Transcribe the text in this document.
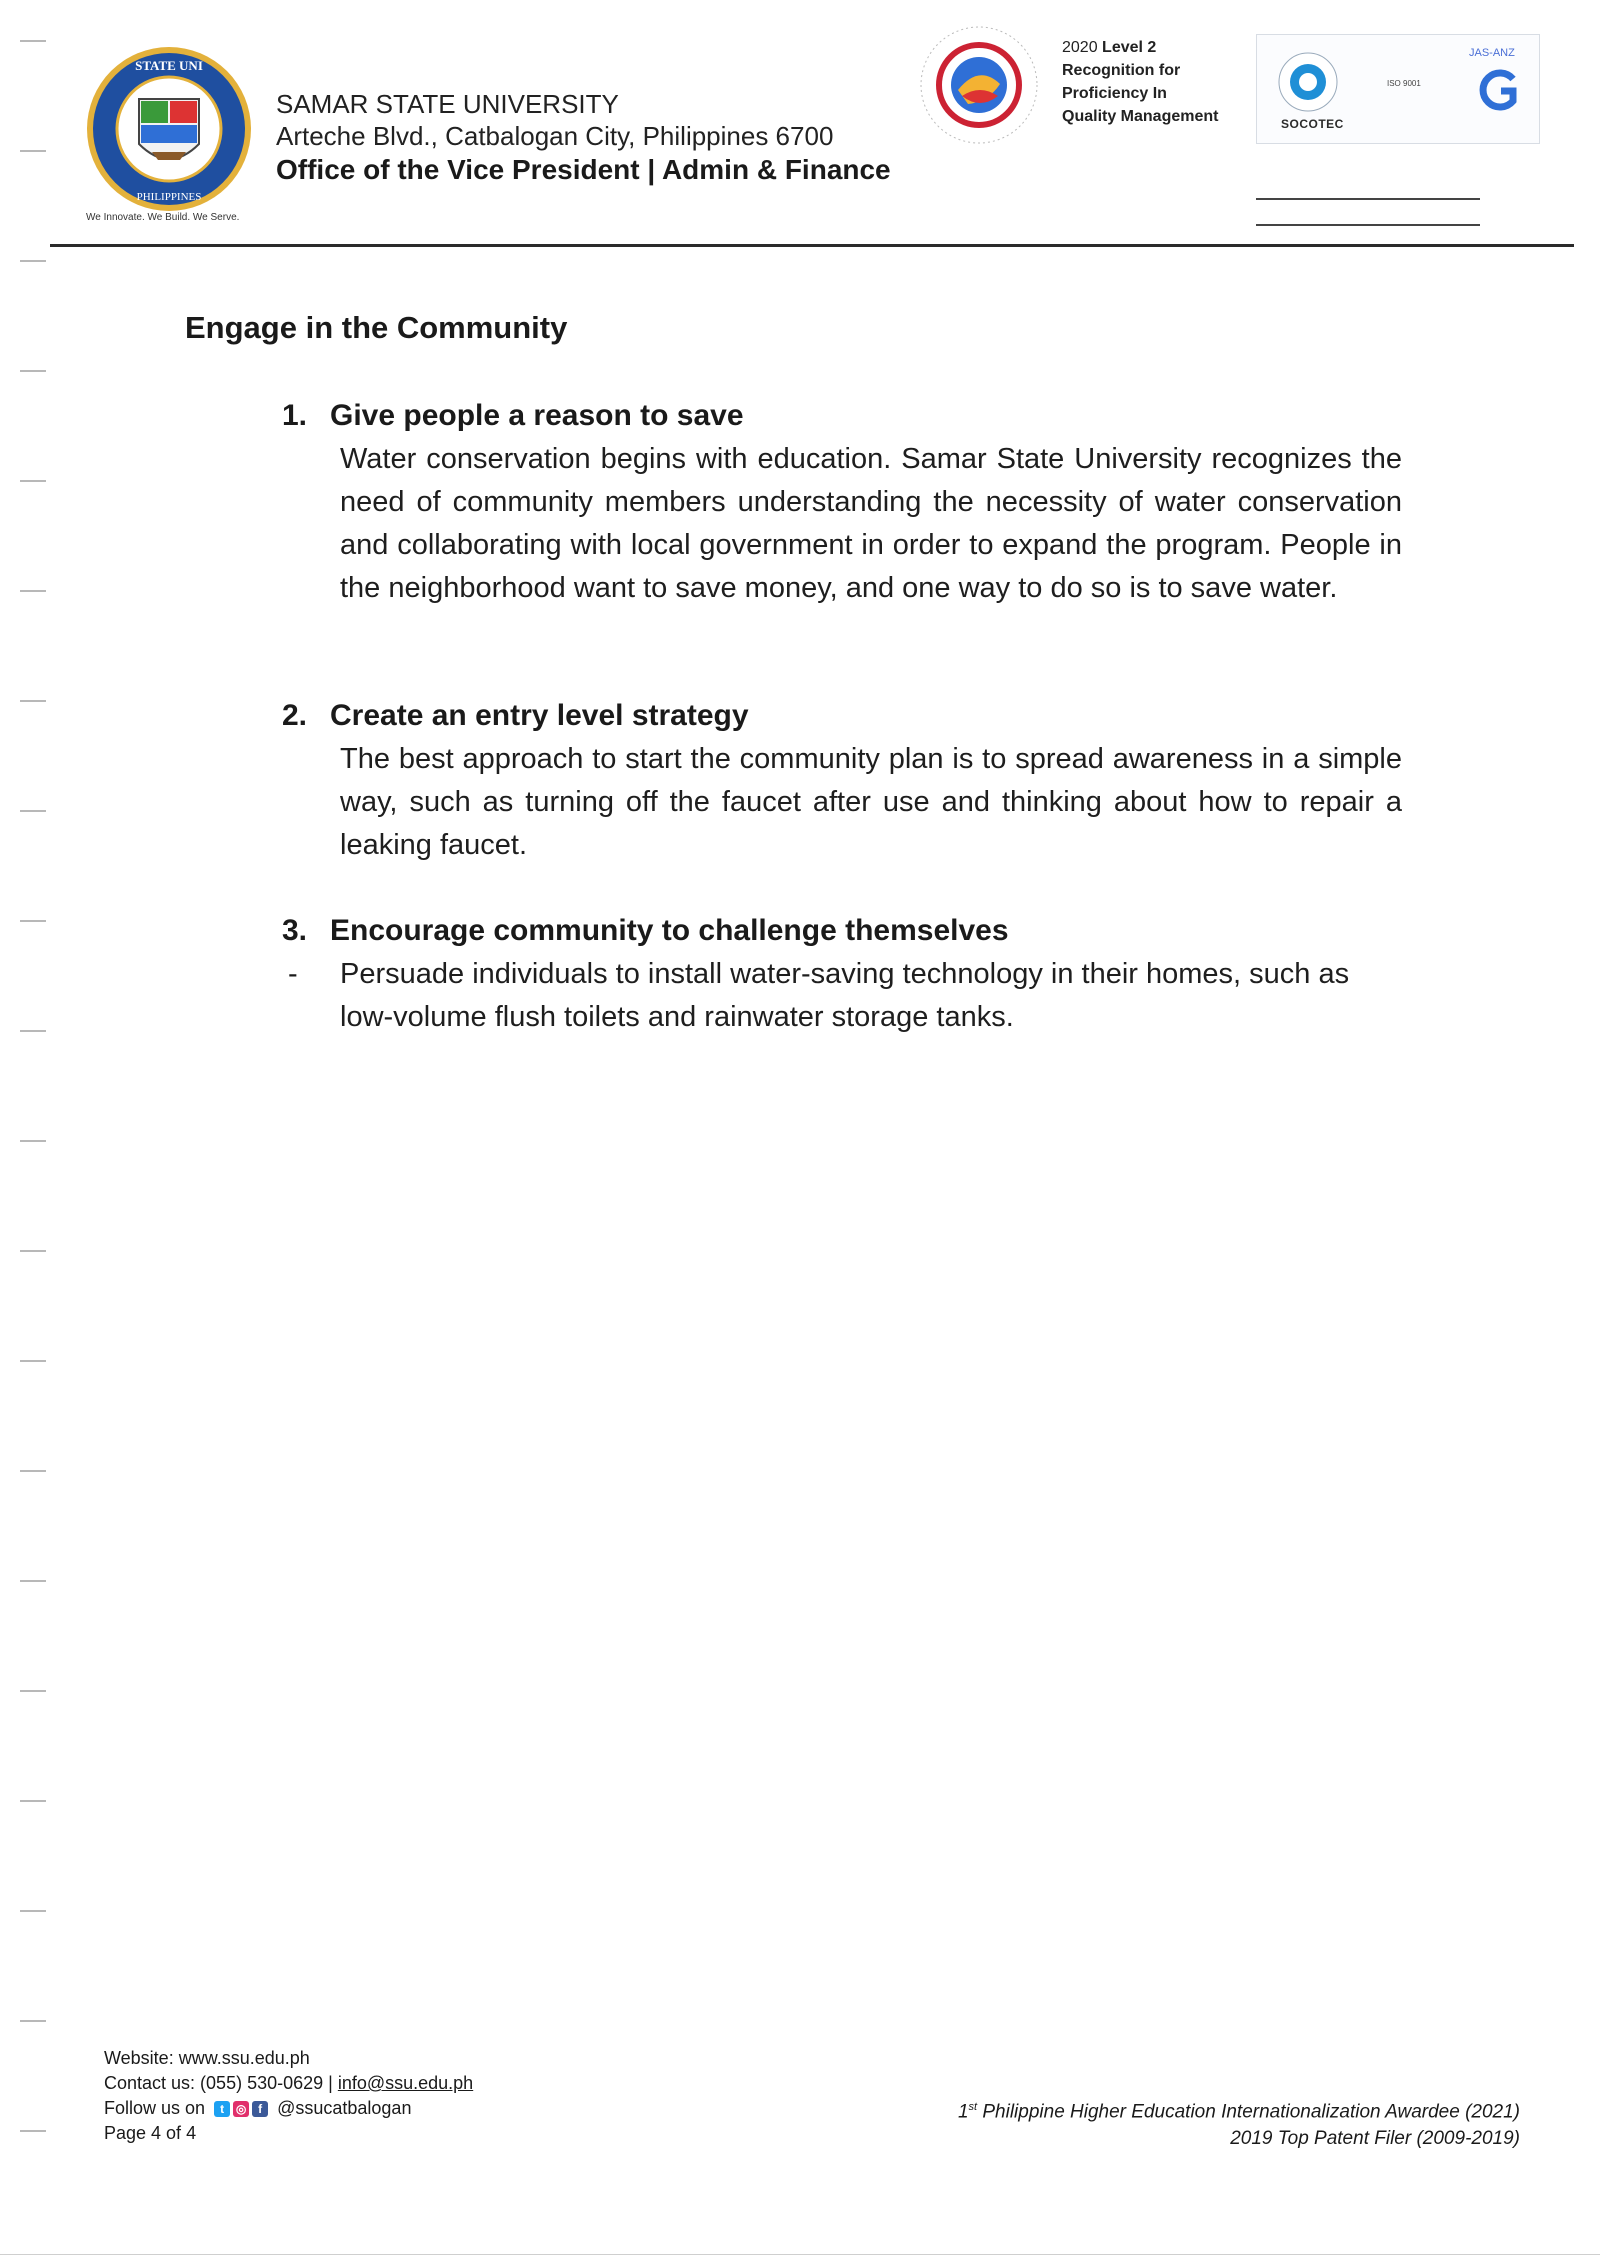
STATE UNI
PHILIPPINES
We Innovate. We Build. We Serve.

SAMAR STATE UNIVERSITY

Arteche Blvd., Catbalogan City, Philippines 6700

Office of the Vice President | Admin & Finance

2020 Level 2
Recognition for
Proficiency In
Quality Management	SOCOTEC
ISO 9001
JAS-ANZ
Engage in the Community

1. Give people a reason to save

Water conservation begins with education. Samar State University recognizes the need of community members understanding the necessity of water conservation and collaborating with local government in order to expand the program. People in the neighborhood want to save money, and one way to do so is to save water.

2. Create an entry level strategy

The best approach to start the community plan is to spread awareness in a simple way, such as turning off the faucet after use and thinking about how to repair a leaking faucet.

3. Encourage community to challenge themselves

- Persuade individuals to install water-saving technology in their homes, such as low-volume flush toilets and rainwater storage tanks.

Website: www.ssu.edu.ph
Contact us: (055) 530-0629 | info@ssu.edu.ph
Follow us on	t ◎ f @ssucatbalogan
Page 4 of 4
1st Philippine Higher Education Internationalization Awardee (2021)
2019 Top Patent Filer (2009-2019)
